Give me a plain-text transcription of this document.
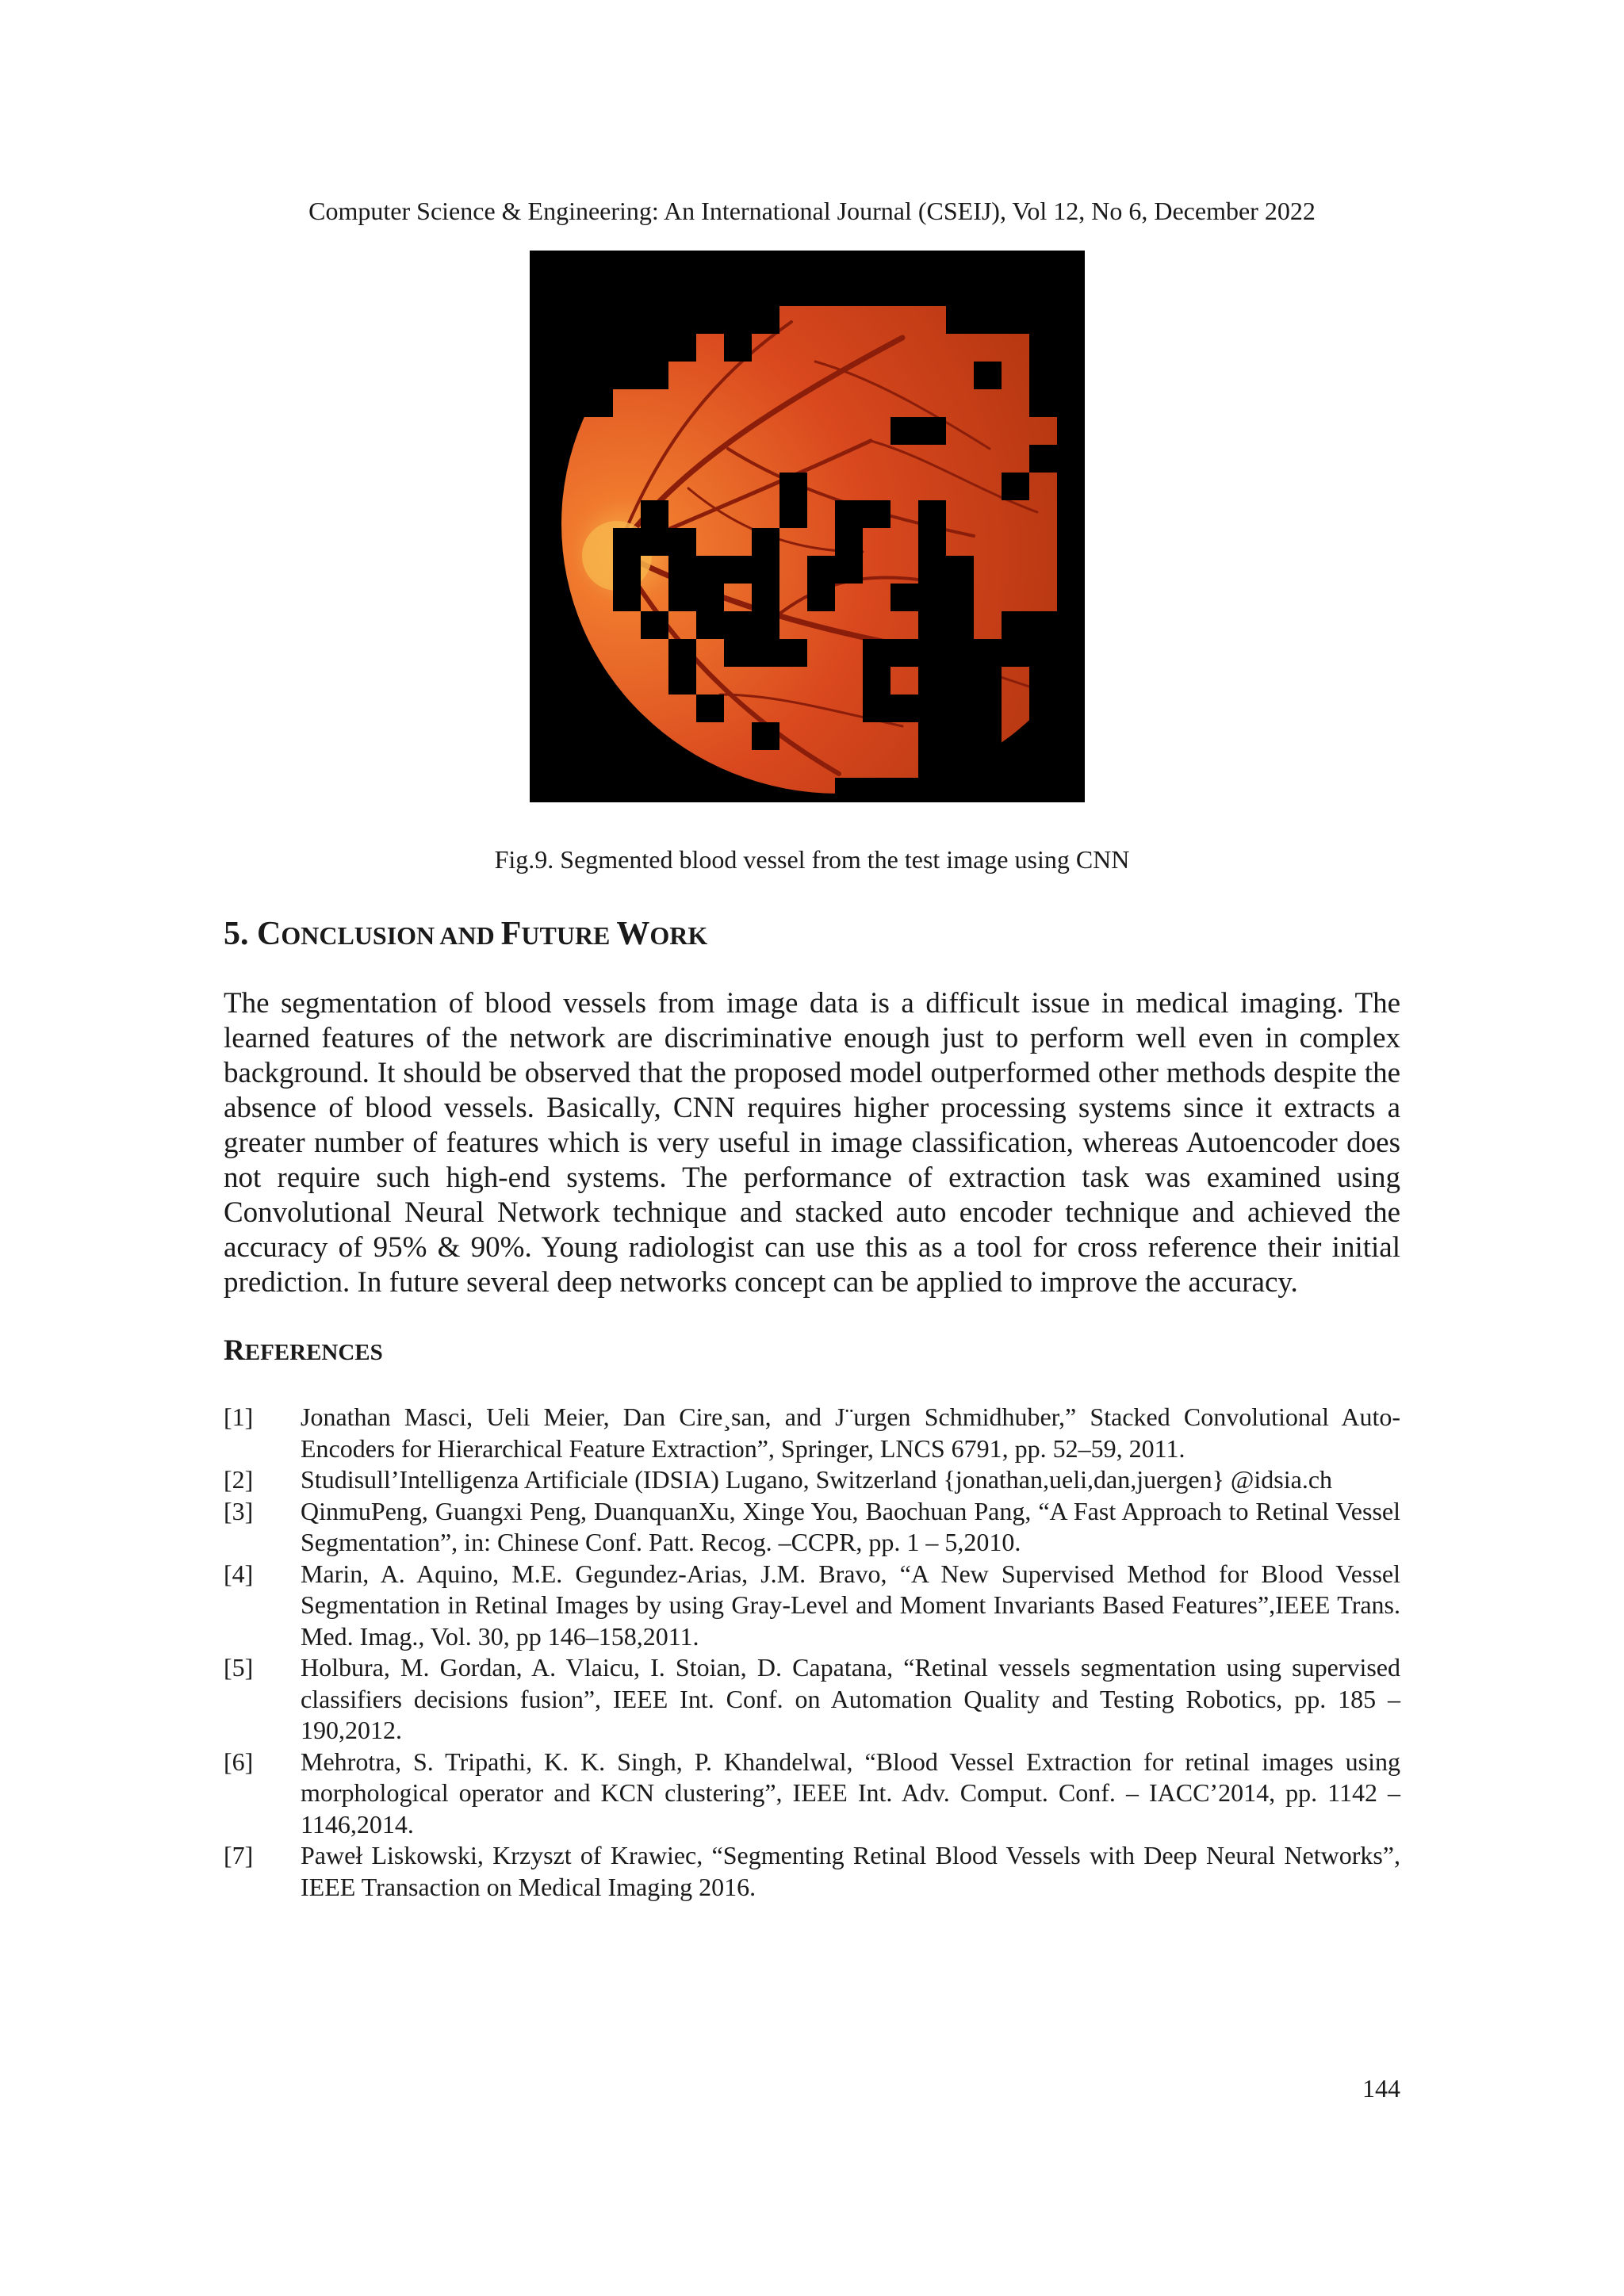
Computer Science & Engineering: An International Journal (CSEIJ), Vol 12, No 6, December 2022
Fig.9. Segmented blood vessel from the test image using CNN
5. CONCLUSION AND FUTURE WORK

The segmentation of blood vessels from image data is a difficult issue in medical imaging. The learned features of the network are discriminative enough just to perform well even in complex background. It should be observed that the proposed model outperformed other methods despite the absence of blood vessels. Basically, CNN requires higher processing systems since it extracts a greater number of features which is very useful in image classification, whereas Autoencoder does not require such high-end systems. The performance of extraction task was examined using Convolutional Neural Network technique and stacked auto encoder technique and achieved the accuracy of 95% & 90%. Young radiologist can use this as a tool for cross reference their initial prediction. In future several deep networks concept can be applied to improve the accuracy.

REFERENCES
[1]	Jonathan Masci, Ueli Meier, Dan Cire¸san, and J¨urgen Schmidhuber,” Stacked Convolutional Auto- Encoders for Hierarchical Feature Extraction”, Springer, LNCS 6791, pp. 52–59, 2011.
[2]	Studisull’Intelligenza Artificiale (IDSIA) Lugano, Switzerland {jonathan,ueli,dan,juergen} @idsia.ch
[3]	QinmuPeng, Guangxi Peng, DuanquanXu, Xinge You, Baochuan Pang, “A Fast Approach to Retinal Vessel Segmentation”, in: Chinese Conf. Patt. Recog. –CCPR, pp. 1 – 5,2010.
[4]	Marin, A. Aquino, M.E. Gegundez-Arias, J.M. Bravo, “A New Supervised Method for Blood Vessel Segmentation in Retinal Images by using Gray-Level and Moment Invariants Based Features”,IEEE Trans. Med. Imag., Vol. 30, pp 146–158,2011.
[5]	Holbura, M. Gordan, A. Vlaicu, I. Stoian, D. Capatana, “Retinal vessels segmentation using supervised classifiers decisions fusion”, IEEE Int. Conf. on Automation Quality and Testing Robotics, pp. 185 – 190,2012.
[6]	Mehrotra, S. Tripathi, K. K. Singh, P. Khandelwal, “Blood Vessel Extraction for retinal images using morphological operator and KCN clustering”, IEEE Int. Adv. Comput. Conf. – IACC’2014, pp. 1142 – 1146,2014.
[7]	Paweł Liskowski, Krzyszt of Krawiec, “Segmenting Retinal Blood Vessels with Deep Neural Networks”, IEEE Transaction on Medical Imaging 2016.
144
